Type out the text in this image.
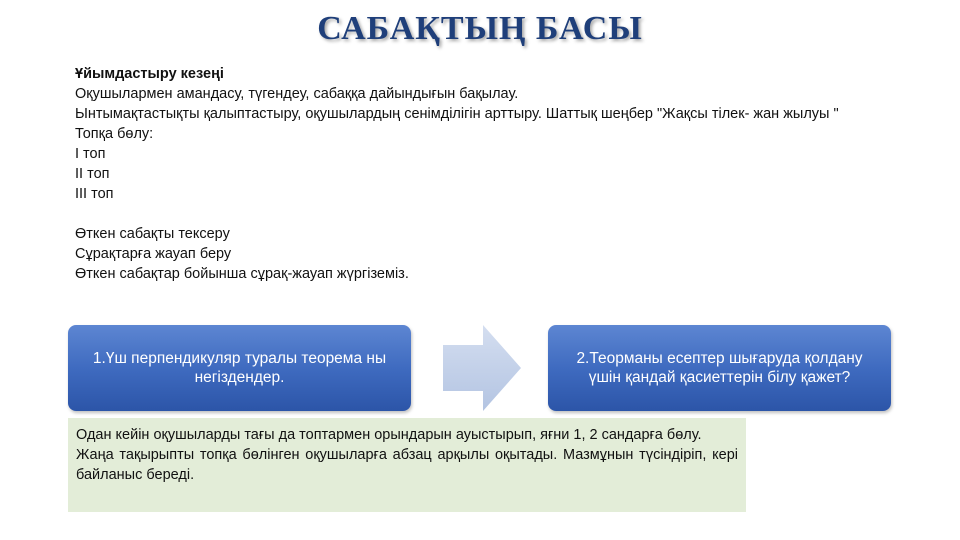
САБАҚТЫҢ БАСЫ
Ұйымдастыру кезеңі
Оқушылармен амандасу, түгендеу, сабаққа дайындығын бақылау.
Ынтымақтастықты қалыптастыру, оқушылардың сенімділігін арттыру. Шаттық шеңбер "Жақсы тілек- жан жылуы "
Топқа бөлу:
І топ
ІІ топ
ІІІ топ
Өткен сабақты тексеру
Сұрақтарға жауап беру
Өткен сабақтар бойынша сұрақ-жауап жүргіземіз.
1.Үш перпендикуляр туралы теорема ны негіздендер.
2.Теорманы есептер шығаруда қолдану үшін қандай қасиеттерін білу қажет?
Одан кейін оқушыларды тағы да топтармен орындарын ауыстырып, яғни 1, 2 сандарға бөлу.
Жаңа тақырыпты топқа бөлінген оқушыларға абзац арқылы оқытады. Мазмұнын түсіндіріп, кері байланыс береді.
